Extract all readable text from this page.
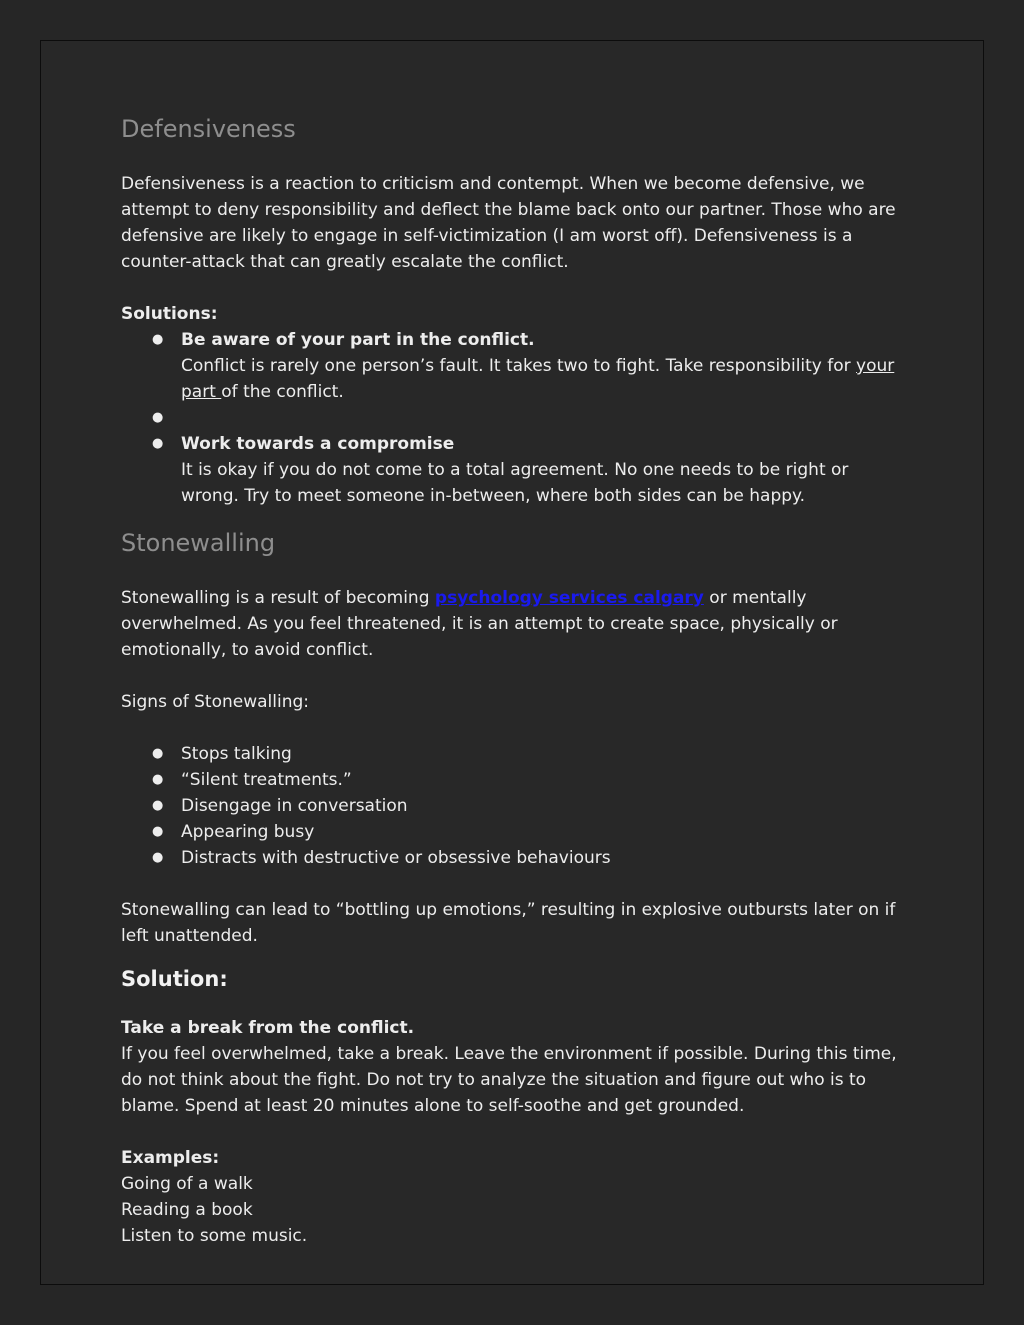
Defensiveness

Defensiveness is a reaction to criticism and contempt. When we become defensive, we attempt to deny responsibility and deflect the blame back onto our partner. Those who are defensive are likely to engage in self-victimization (I am worst off). Defensiveness is a counter-attack that can greatly escalate the conflict.

Solutions:

● Be aware of your part in the conflict.
Conflict is rarely one person’s fault. It takes two to fight. Take responsibility for your part of the conflict.
●
● Work towards a compromise
It is okay if you do not come to a total agreement. No one needs to be right or wrong. Try to meet someone in-between, where both sides can be happy.
Stonewalling

Stonewalling is a result of becoming psychology services calgary or mentally overwhelmed. As you feel threatened, it is an attempt to create space, physically or emotionally, to avoid conflict.

Signs of Stonewalling:

● Stops talking
● “Silent treatments.”
● Disengage in conversation
● Appearing busy
● Distracts with destructive or obsessive behaviours

Stonewalling can lead to “bottling up emotions,” resulting in explosive outbursts later on if left unattended.

Solution:

Take a break from the conflict.

If you feel overwhelmed, take a break. Leave the environment if possible. During this time, do not think about the fight. Do not try to analyze the situation and figure out who is to blame. Spend at least 20 minutes alone to self-soothe and get grounded.

Examples:

Going of a walk

Reading a book

Listen to some music.
